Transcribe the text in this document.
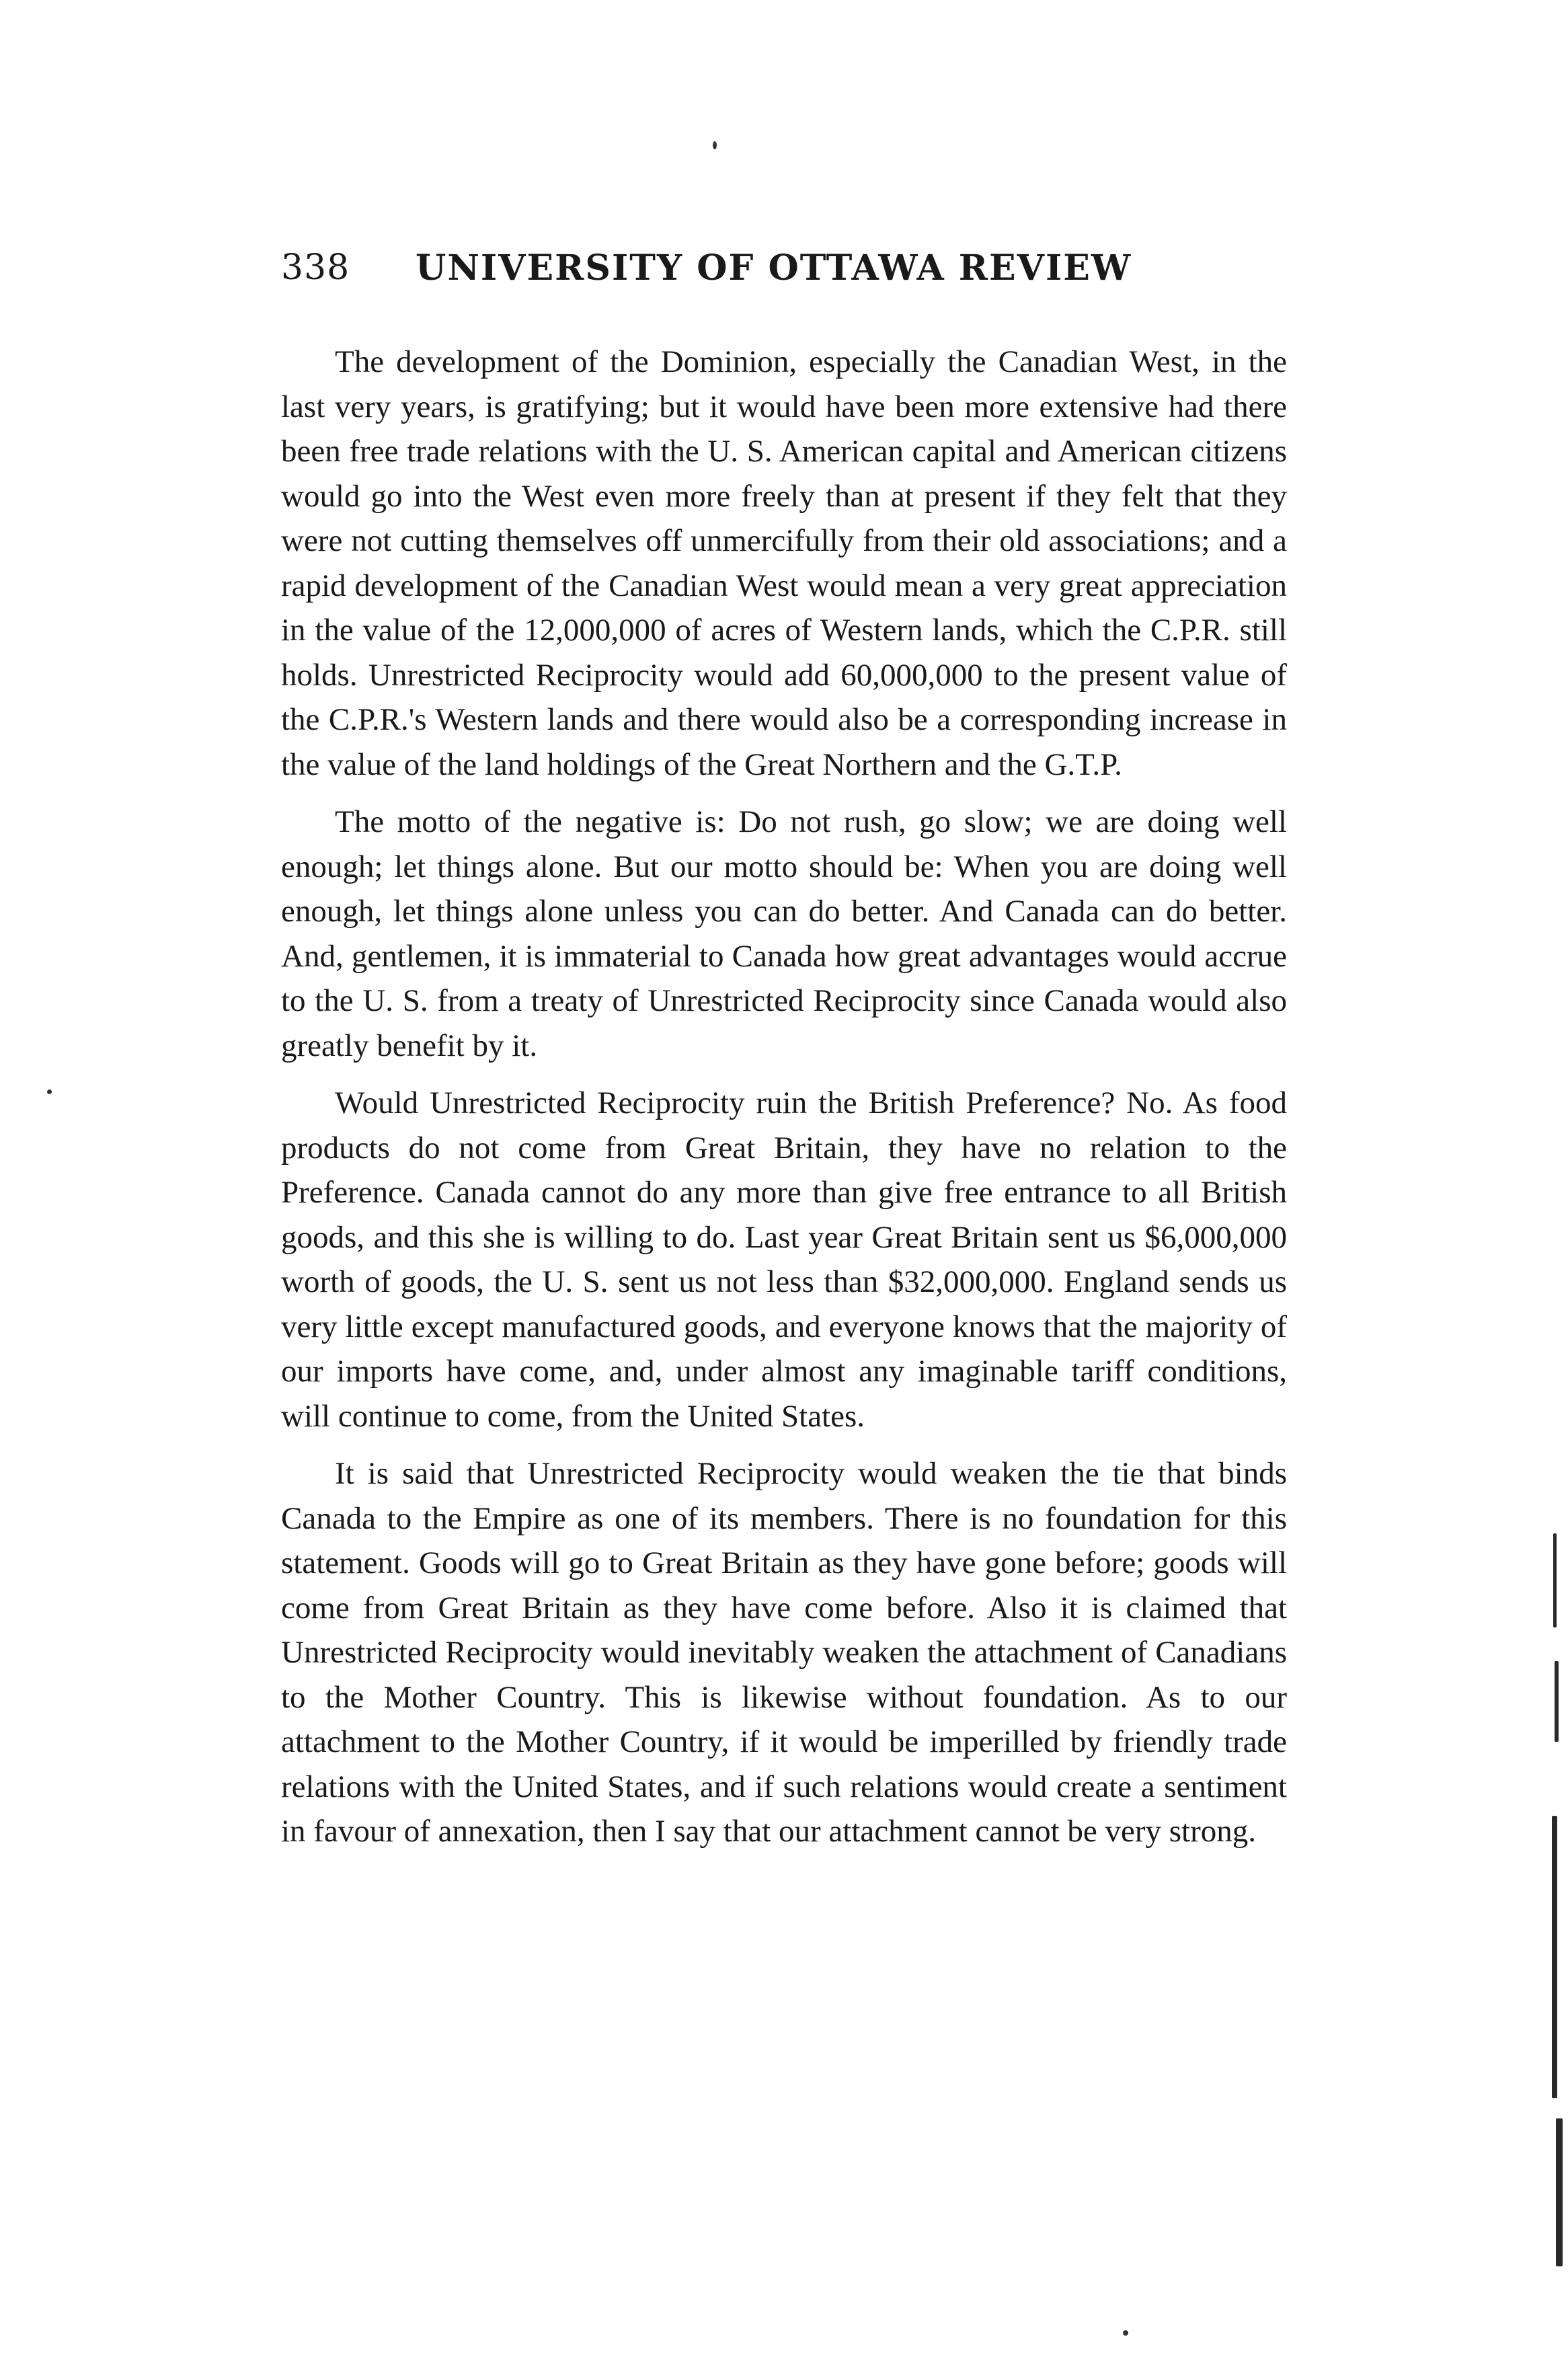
338 UNIVERSITY OF OTTAWA REVIEW

The development of the Dominion, especially the Canadian West, in the last very years, is gratifying; but it would have been more extensive had there been free trade relations with the U. S. American capital and American citizens would go into the West even more freely than at present if they felt that they were not cutting themselves off unmercifully from their old associations; and a rapid development of the Canadian West would mean a very great appreciation in the value of the 12,000,000 of acres of Western lands, which the C.P.R. still holds. Unrestricted Reciprocity would add 60,000,000 to the present value of the C.P.R.'s Western lands and there would also be a corresponding increase in the value of the land holdings of the Great Northern and the G.T.P.

The motto of the negative is: Do not rush, go slow; we are doing well enough; let things alone. But our motto should be: When you are doing well enough, let things alone unless you can do better. And Canada can do better. And, gentlemen, it is immaterial to Canada how great advantages would accrue to the U. S. from a treaty of Unrestricted Reciprocity since Canada would also greatly benefit by it.

Would Unrestricted Reciprocity ruin the British Preference? No. As food products do not come from Great Britain, they have no relation to the Preference. Canada cannot do any more than give free entrance to all British goods, and this she is willing to do. Last year Great Britain sent us $6,000,000 worth of goods, the U. S. sent us not less than $32,000,000. England sends us very little except manufactured goods, and everyone knows that the majority of our imports have come, and, under almost any imaginable tariff conditions, will continue to come, from the United States.

It is said that Unrestricted Reciprocity would weaken the tie that binds Canada to the Empire as one of its members. There is no foundation for this statement. Goods will go to Great Britain as they have gone before; goods will come from Great Britain as they have come before. Also it is claimed that Unrestricted Reciprocity would inevitably weaken the attachment of Canadians to the Mother Country. This is likewise without foundation. As to our attachment to the Mother Country, if it would be imperilled by friendly trade relations with the United States, and if such relations would create a sentiment in favour of annexation, then I say that our attachment cannot be very strong.
